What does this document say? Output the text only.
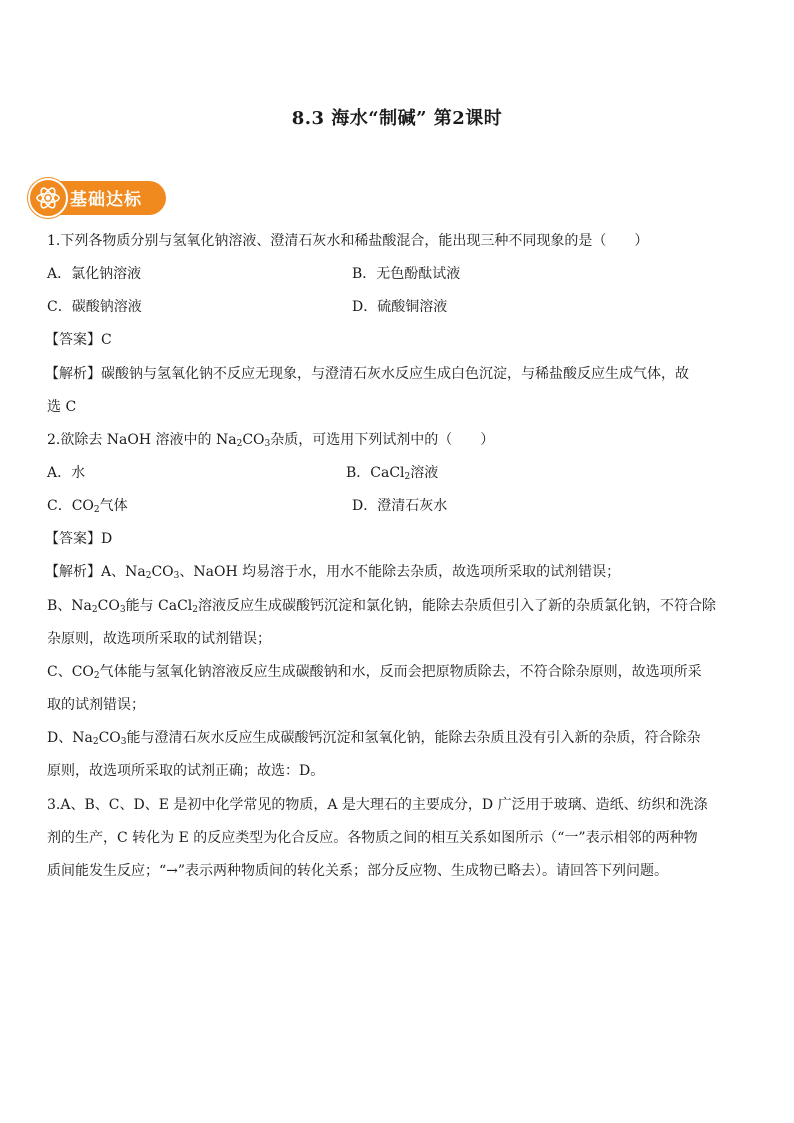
8.3 海水“制碱” 第2课时
基础达标
1.下列各物质分别与氢氧化钠溶液、澄清石灰水和稀盐酸混合，能出现三种不同现象的是（　　）
A．氯化钠溶液	B．无色酚酞试液
C．碳酸钠溶液	D．硫酸铜溶液
【答案】C
【解析】碳酸钠与氢氧化钠不反应无现象，与澄清石灰水反应生成白色沉淀，与稀盐酸反应生成气体，故
选 C
2.欲除去 NaOH 溶液中的 $Na_2CO_3$杂质，可选用下列试剂中的（　　）
A．水	B．CaCl$_2$溶液
C．$CO_2$气体	D．澄清石灰水
【答案】D
【解析】A、$Na_2CO_3$、NaOH 均易溶于水，用水不能除去杂质，故选项所采取的试剂错误；
B、$Na_2CO_3$能与 CaCl$_2$溶液反应生成碳酸钙沉淀和氯化钠，能除去杂质但引入了新的杂质氯化钠，不符合除
杂原则，故选项所采取的试剂错误；
C、$CO_2$气体能与氢氧化钠溶液反应生成碳酸钠和水，反而会把原物质除去，不符合除杂原则，故选项所采
取的试剂错误；
D、$Na_2CO_3$能与澄清石灰水反应生成碳酸钙沉淀和氢氧化钠，能除去杂质且没有引入新的杂质，符合除杂
原则，故选项所采取的试剂正确；故选：D。
3.A、B、C、D、E 是初中化学常见的物质，A 是大理石的主要成分，D 广泛用于玻璃、造纸、纺织和洗涤
剂的生产，C 转化为 E 的反应类型为化合反应。各物质之间的相互关系如图所示（“一”表示相邻的两种物
质间能发生反应；“→”表示两种物质间的转化关系；部分反应物、生成物已略去）。请回答下列问题。
